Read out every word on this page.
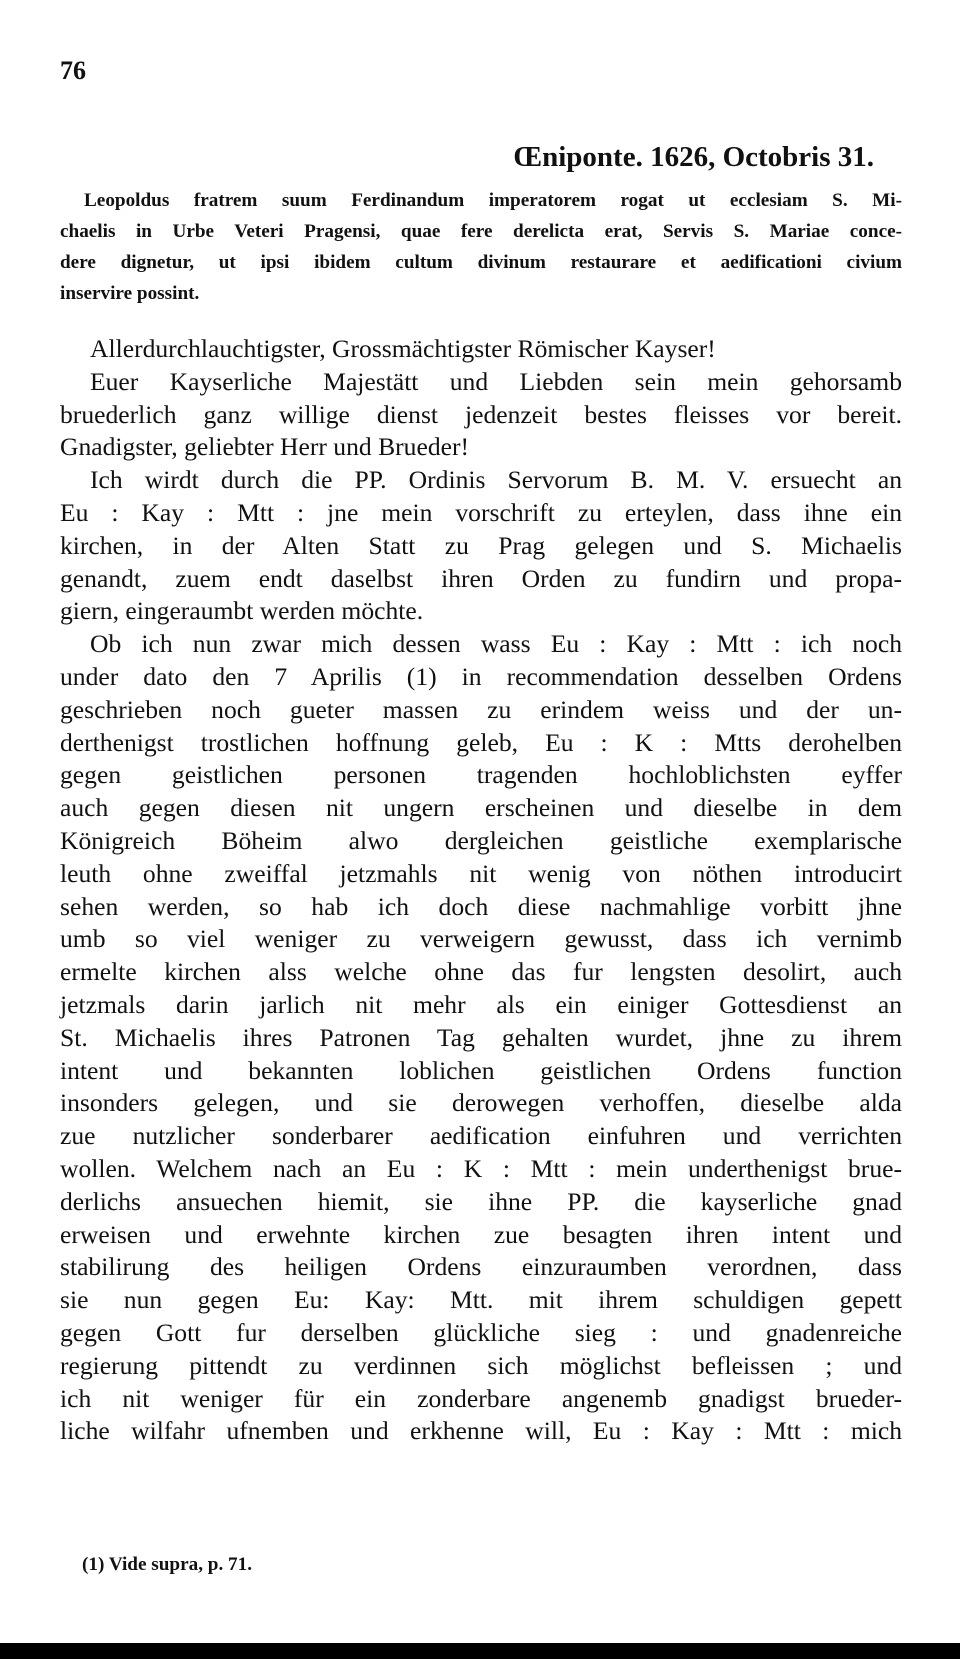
76
Œniponte. 1626, Octobris 31.
Leopoldus fratrem suum Ferdinandum imperatorem rogat ut ecclesiam S. Mi-
chaelis in Urbe Veteri Pragensi, quae fere derelicta erat, Servis S. Mariae conce-
dere dignetur, ut ipsi ibidem cultum divinum restaurare et aedificationi civium
inservire possint.
Allerdurchlauchtigster, Grossmächtigster Römischer Kayser!
Euer Kayserliche Majestätt und Liebden sein mein gehorsamb
bruederlich ganz willige dienst jedenzeit bestes fleisses vor bereit.
Gnadigster, geliebter Herr und Brueder!
Ich wirdt durch die PP. Ordinis Servorum B. M. V. ersuecht an
Eu : Kay : Mtt : jne mein vorschrift zu erteylen, dass ihne ein
kirchen, in der Alten Statt zu Prag gelegen und S. Michaelis
genandt, zuem endt daselbst ihren Orden zu fundirn und propa-
giern, eingeraumbt werden möchte.
Ob ich nun zwar mich dessen wass Eu : Kay : Mtt : ich noch
under dato den 7 Aprilis (1) in recommendation desselben Ordens
geschrieben noch gueter massen zu erindem weiss und der un-
derthenigst trostlichen hoffnung geleb, Eu : K : Mtts derohelben
gegen geistlichen personen tragenden hochloblichsten eyffer
auch gegen diesen nit ungern erscheinen und dieselbe in dem
Königreich Böheim alwo dergleichen geistliche exemplarische
leuth ohne zweiffal jetzmahls nit wenig von nöthen introducirt
sehen werden, so hab ich doch diese nachmahlige vorbitt jhne
umb so viel weniger zu verweigern gewusst, dass ich vernimb
ermelte kirchen alss welche ohne das fur lengsten desolirt, auch
jetzmals darin jarlich nit mehr als ein einiger Gottesdienst an
St. Michaelis ihres Patronen Tag gehalten wurdet, jhne zu ihrem
intent und bekannten loblichen geistlichen Ordens function
insonders gelegen, und sie derowegen verhoffen, dieselbe alda
zue nutzlicher sonderbarer aedification einfuhren und verrichten
wollen. Welchem nach an Eu : K : Mtt : mein underthenigst brue-
derlichs ansuechen hiemit, sie ihne PP. die kayserliche gnad
erweisen und erwehnte kirchen zue besagten ihren intent und
stabilirung des heiligen Ordens einzuraumben verordnen, dass
sie nun gegen Eu: Kay: Mtt. mit ihrem schuldigen gepett
gegen Gott fur derselben glückliche sieg : und gnadenreiche
regierung pittendt zu verdinnen sich möglichst befleissen ; und
ich nit weniger für ein zonderbare angenemb gnadigst brueder-
liche wilfahr ufnemben und erkhenne will, Eu : Kay : Mtt : mich
(1) Vide supra, p. 71.
